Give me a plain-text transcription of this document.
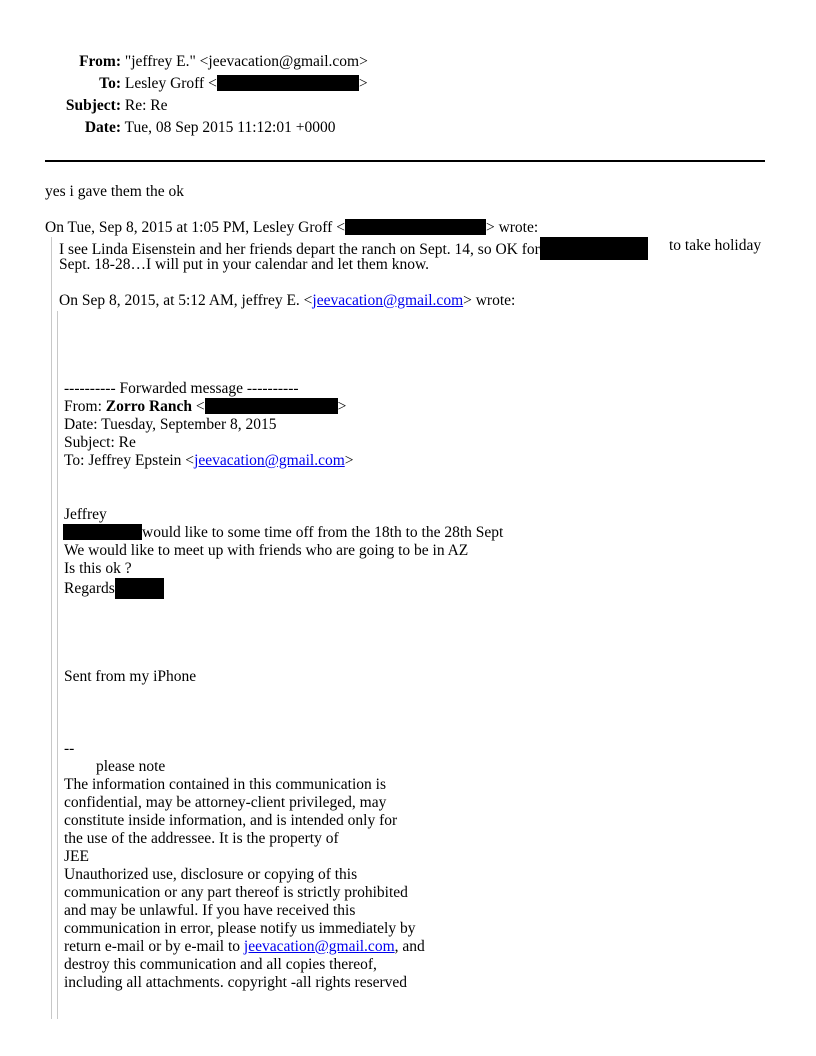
From: "jeffrey E." <jeevacation@gmail.com>
To: Lesley Groff <	>
Subject: Re: Re
Date: Tue, 08 Sep 2015 11:12:01 +0000
yes i gave them the ok
On Tue, Sep 8, 2015 at 1:05 PM, Lesley Groff <	> wrote:
I see Linda Eisenstein and her friends depart the ranch on Sept. 14, so OK for	to take holiday
Sept. 18-28…I will put in your calendar and let them know.
On Sep 8, 2015, at 5:12 AM, jeffrey E. <jeevacation@gmail.com> wrote:
---------- Forwarded message ----------
From: Zorro Ranch <	>
Date: Tuesday, September 8, 2015
Subject: Re
To: Jeffrey Epstein <jeevacation@gmail.com>
Jeffrey
would like to some time off from the 18th to the 28th Sept
We would like to meet up with friends who are going to be in AZ
Is this ok ?
Regards
Sent from my iPhone
--
please note
The information contained in this communication is
confidential, may be attorney-client privileged, may
constitute inside information, and is intended only for
the use of the addressee. It is the property of
JEE
Unauthorized use, disclosure or copying of this
communication or any part thereof is strictly prohibited
and may be unlawful. If you have received this
communication in error, please notify us immediately by
return e-mail or by e-mail to jeevacation@gmail.com, and
destroy this communication and all copies thereof,
including all attachments. copyright -all rights reserved
